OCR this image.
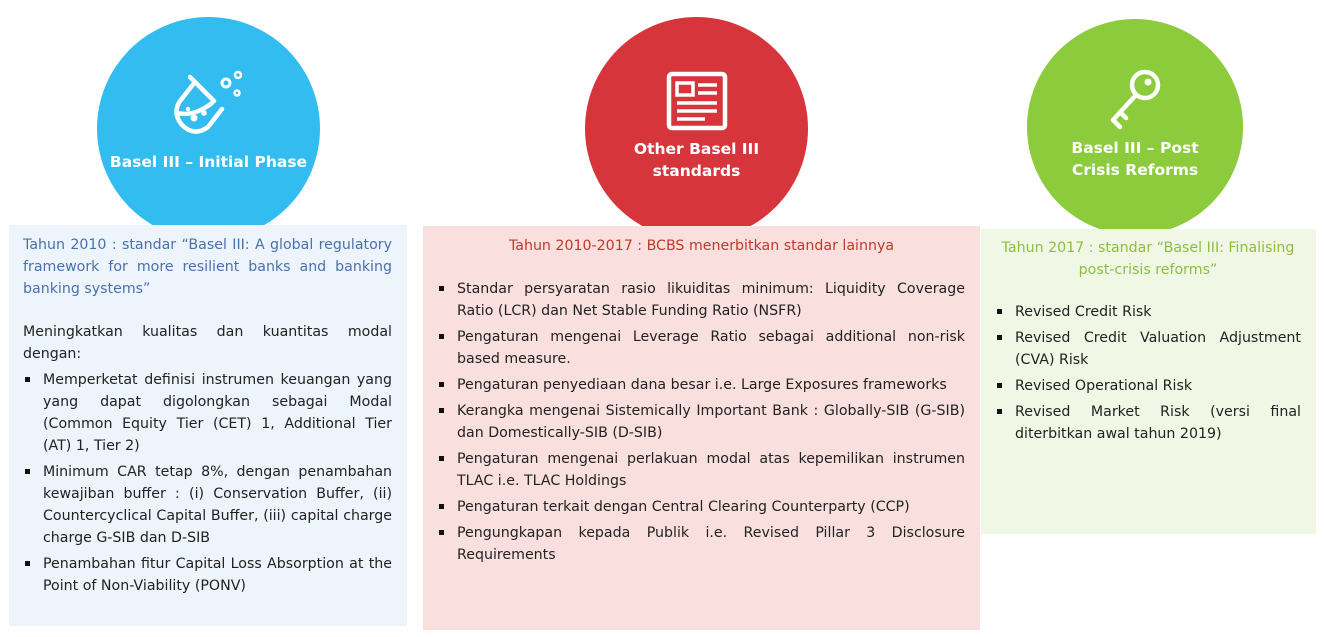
Basel III – Initial Phase
Other Basel III standards
Basel III – Post Crisis Reforms
Tahun 2010 : standar “Basel III: A global regulatory framework for more resilient banks and banking banking systems”
Meningkatkan kualitas dan kuantitas modal dengan:
Memperketat definisi instrumen keuangan yang yang dapat digolongkan sebagai Modal (Common Equity Tier (CET) 1, Additional Tier (AT) 1, Tier 2)
Minimum CAR tetap 8%, dengan penambahan kewajiban buffer : (i) Conservation Buffer, (ii) Countercyclical Capital Buffer, (iii) capital charge charge G-SIB dan D-SIB
Penambahan fitur Capital Loss Absorption at the Point of Non-Viability (PONV)
Tahun 2010-2017 : BCBS menerbitkan standar lainnya
Standar persyaratan rasio likuiditas minimum: Liquidity Coverage Ratio (LCR) dan Net Stable Funding Ratio (NSFR)
Pengaturan mengenai Leverage Ratio sebagai additional non-risk based measure.
Pengaturan penyediaan dana besar i.e. Large Exposures frameworks
Kerangka mengenai Sistemically Important Bank : Globally-SIB (G-SIB) dan Domestically-SIB (D-SIB)
Pengaturan mengenai perlakuan modal atas kepemilikan instrumen TLAC i.e. TLAC Holdings
Pengaturan terkait dengan Central Clearing Counterparty (CCP)
Pengungkapan kepada Publik i.e. Revised Pillar 3 Disclosure Requirements
Tahun 2017 : standar “Basel III: Finalising post-crisis reforms”
Revised Credit Risk
Revised Credit Valuation Adjustment (CVA) Risk
Revised Operational Risk
Revised Market Risk (versi final diterbitkan awal tahun 2019)
